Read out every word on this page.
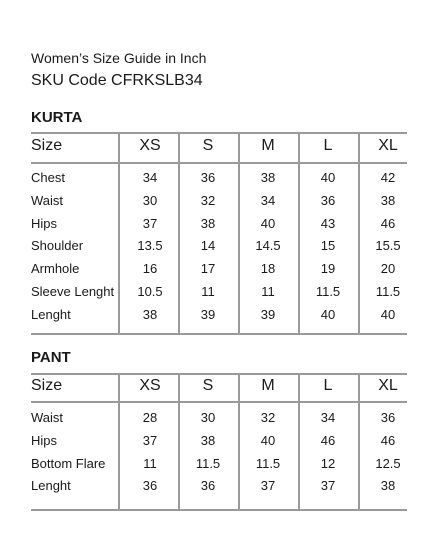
Women’s Size Guide in Inch
SKU Code CFRKSLB34
KURTA
Size	XS	S	M	L	XL
Chest	34	36	38	40	42
Waist	30	32	34	36	38
Hips	37	38	40	43	46
Shoulder	13.5	14	14.5	15	15.5
Armhole	16	17	18	19	20
Sleeve Lenght	10.5	11	11	11.5	11.5
Lenght	38	39	39	40	40
PANT
Size	XS	S	M	L	XL
Waist	28	30	32	34	36
Hips	37	38	40	46	46
Bottom Flare	11	11.5	11.5	12	12.5
Lenght	36	36	37	37	38
